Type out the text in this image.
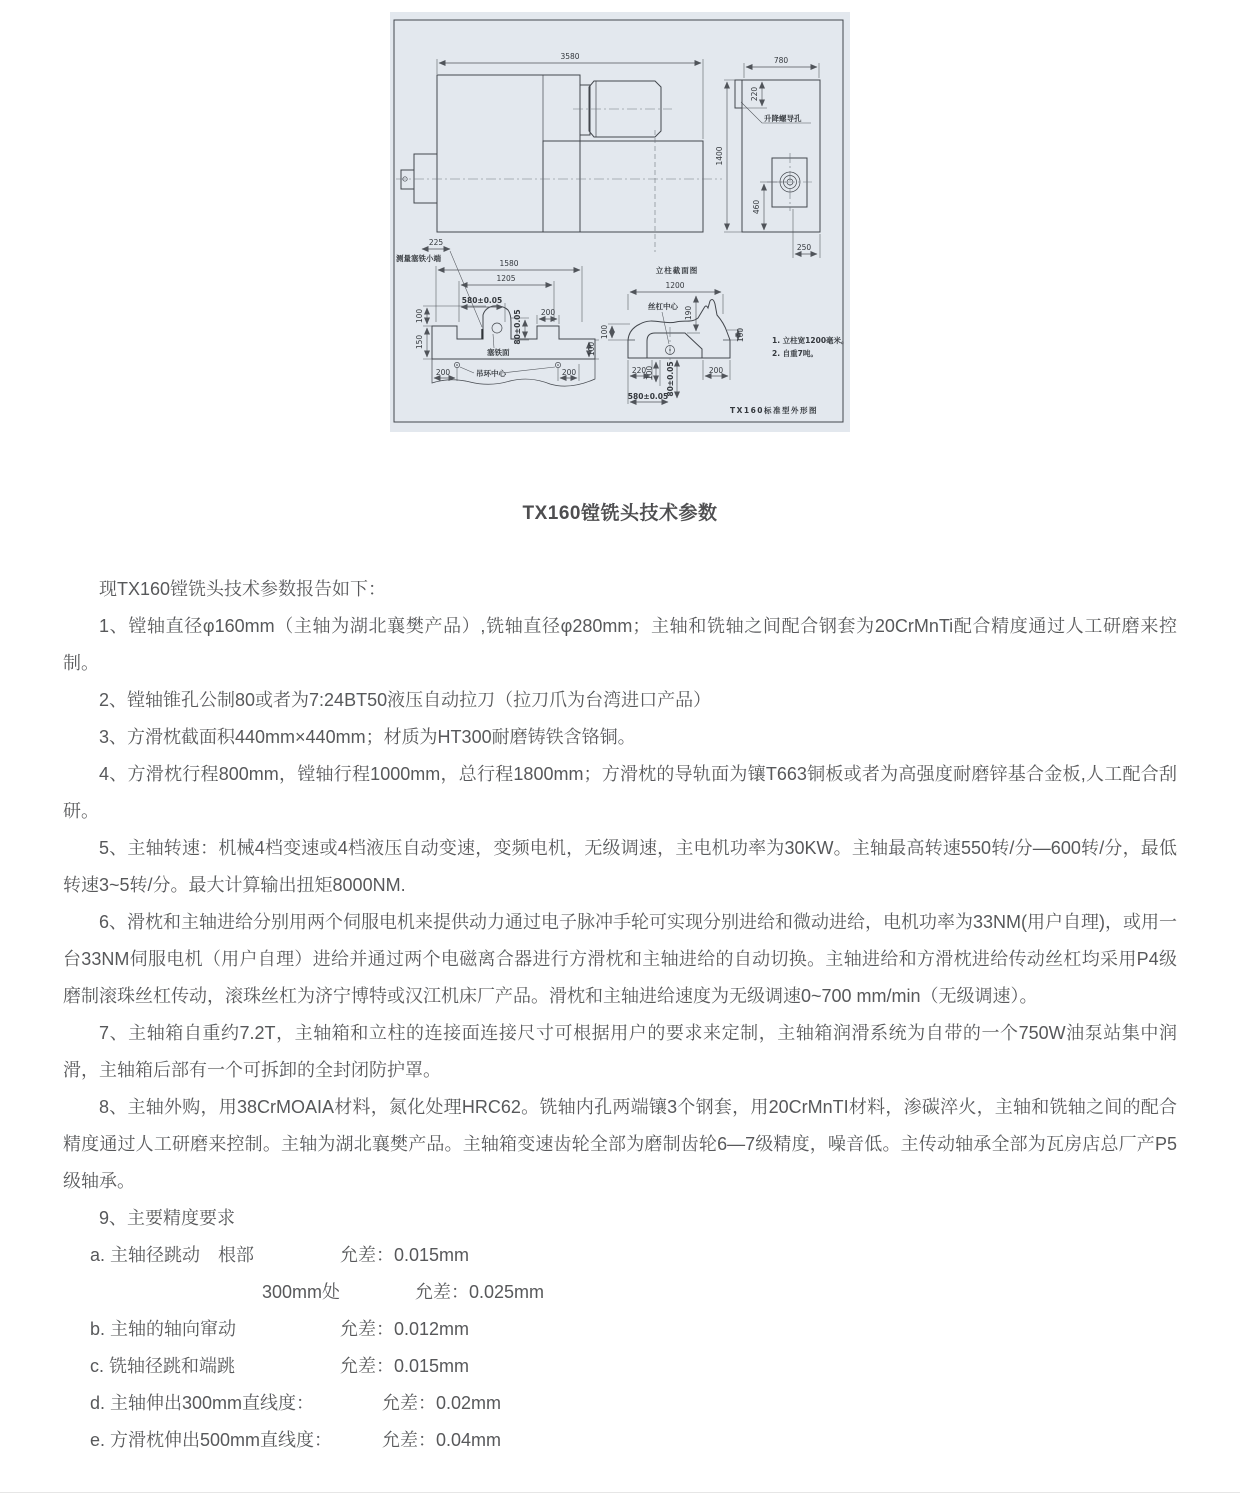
3580	780
220
升降螺导孔
1400
460
250
225
测量塞铁小端
1580
1205
580±0.05
80±0.05	200
100
150
塞铁面
吊环中心
200	200
100
立柱截面图
1200
丝杠中心 190
100	100
220
100 80±0.05	200
580±0.05
1. 立柱宽1200毫米。
2. 自重7吨。
TX160标准型外形图
TX160镗铣头技术参数

现TX160镗铣头技术参数报告如下：

1、镗轴直径φ160mm（主轴为湖北襄樊产品）,铣轴直径φ280mm；主轴和铣轴之间配合钢套为20CrMnTi配合精度通过人工研磨来控制。

2、镗轴锥孔公制80或者为7:24BT50液压自动拉刀（拉刀爪为台湾进口产品）

3、方滑枕截面积440mm×440mm；材质为HT300耐磨铸铁含铬铜。

4、方滑枕行程800mm，镗轴行程1000mm，总行程1800mm；方滑枕的导轨面为镶T663铜板或者为高强度耐磨锌基合金板,人工配合刮研。

5、主轴转速：机械4档变速或4档液压自动变速，变频电机，无级调速，主电机功率为30KW。主轴最高转速550转/分—600转/分，最低转速3~5转/分。最大计算输出扭矩8000NM.

6、滑枕和主轴进给分别用两个伺服电机来提供动力通过电子脉冲手轮可实现分别进给和微动进给，电机功率为33NM(用户自理)，或用一台33NM伺服电机（用户自理）进给并通过两个电磁离合器进行方滑枕和主轴进给的自动切换。主轴进给和方滑枕进给传动丝杠均采用P4级磨制滚珠丝杠传动，滚珠丝杠为济宁博特或汉江机床厂产品。滑枕和主轴进给速度为无级调速0~700 mm/min（无级调速）。

7、主轴箱自重约7.2T，主轴箱和立柱的连接面连接尺寸可根据用户的要求来定制，主轴箱润滑系统为自带的一个750W油泵站集中润滑，主轴箱后部有一个可拆卸的全封闭防护罩。

8、主轴外购，用38CrMOAIA材料，氮化处理HRC62。铣轴内孔两端镶3个钢套，用20CrMnTI材料，渗碳淬火，主轴和铣轴之间的配合精度通过人工研磨来控制。主轴为湖北襄樊产品。主轴箱变速齿轮全部为磨制齿轮6—7级精度，噪音低。主传动轴承全部为瓦房店总厂产P5级轴承。

9、主要精度要求

a. 主轴径跳动　根部	允差：0.015mm
300mm处	允差：0.025mm
b. 主轴的轴向窜动	允差：0.012mm
c. 铣轴径跳和端跳	允差：0.015mm
d. 主轴伸出300mm直线度：	允差：0.02mm
e. 方滑枕伸出500mm直线度：	允差：0.04mm
